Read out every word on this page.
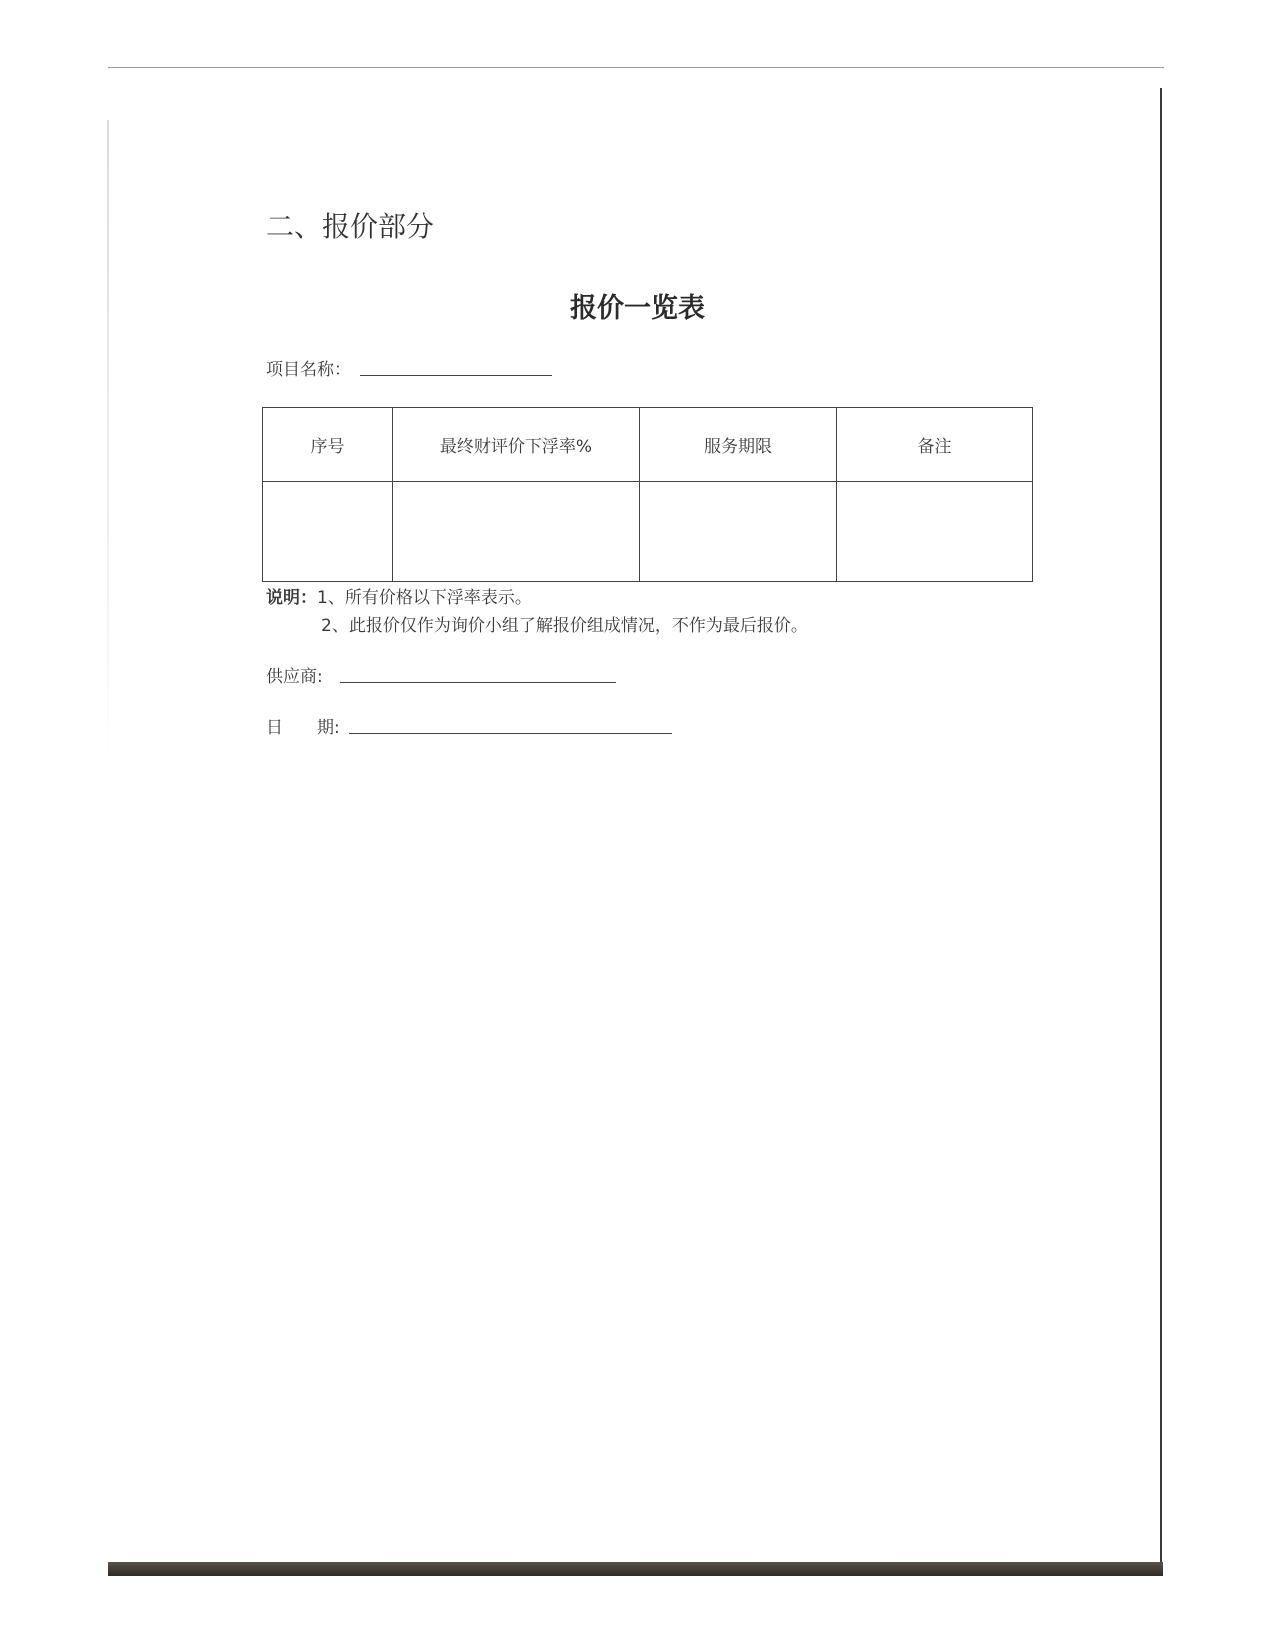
二、报价部分
报价一览表
项目名称：
序号	最终财评价下浮率%	服务期限	备注

说明：1、所有价格以下浮率表示。
2、此报价仅作为询价小组了解报价组成情况，不作为最后报价。
供应商:
日 期:
